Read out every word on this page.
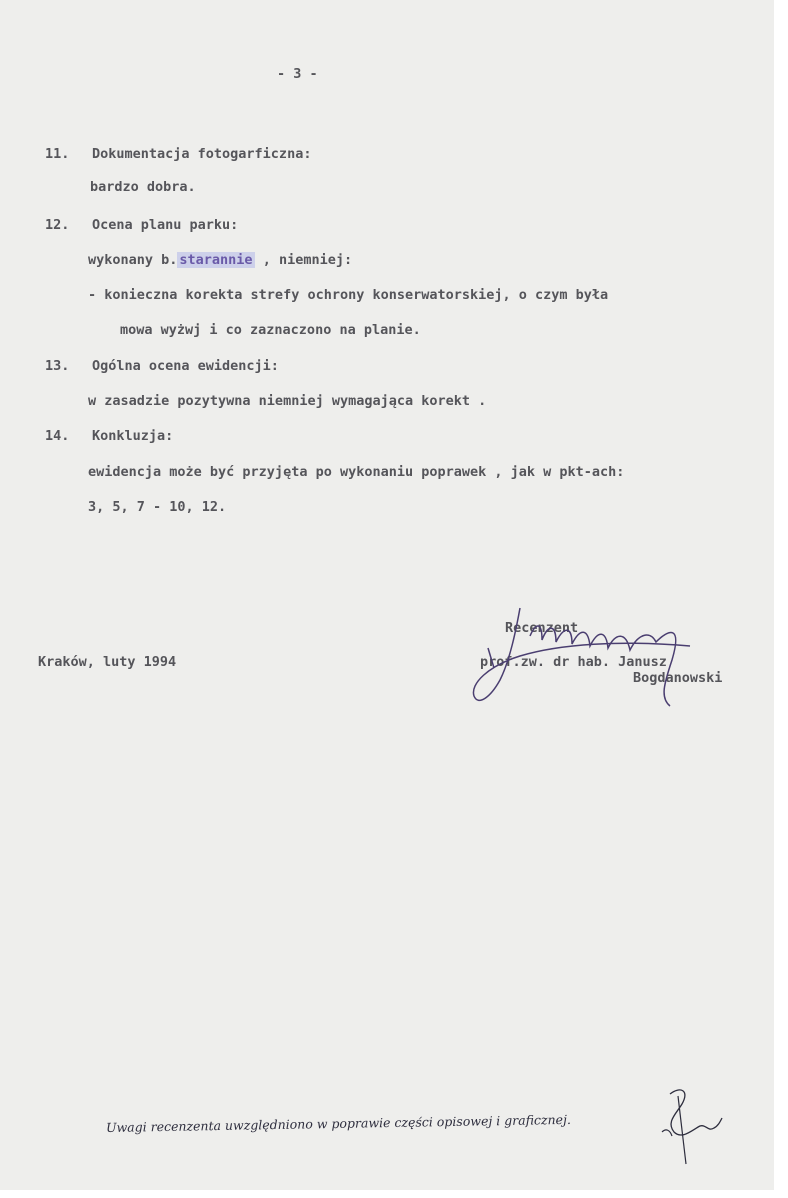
- 3 -
11. Dokumentacja fotogarficzna:
bardzo dobra.
12. Ocena planu parku:
wykonany b. starannie , niemniej:
- konieczna korekta strefy ochrony konserwatorskiej, o czym była
mowa wyżwj i co zaznaczono na planie.
13. Ogólna ocena ewidencji:
w zasadzie pozytywna niemniej wymagająca korekt .
14. Konkluzja:
ewidencja może być przyjęta po wykonaniu poprawek , jak w pkt-ach:
3, 5, 7 - 10, 12.
Kraków, luty 1994
Recenzent
prof.zw. dr hab. Janusz
Bogdanowski
Uwagi recenzenta uwzględniono w poprawie części opisowej i graficznej.
